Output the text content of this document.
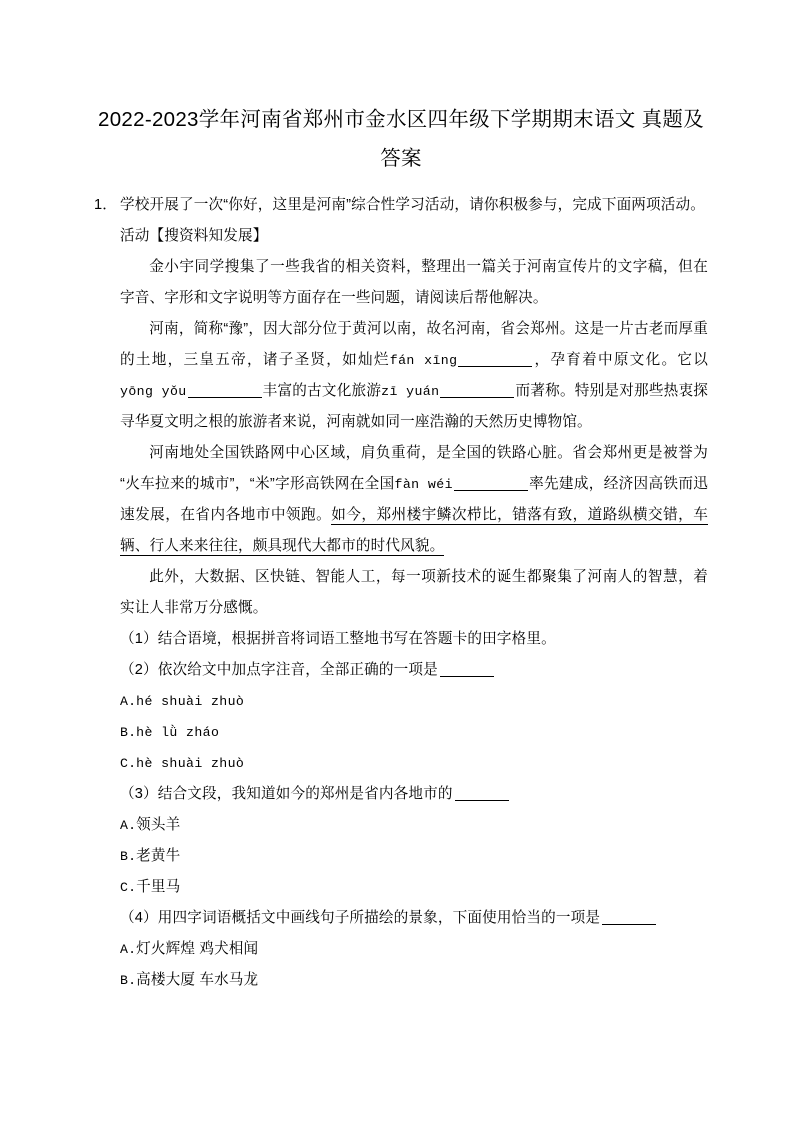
2022-2023学年河南省郑州市金水区四年级下学期期末语文 真题及答案
1． 学校开展了一次“你好，这里是河南”综合性学习活动，请你积极参与，完成下面两项活动。
活动【搜资料知发展】
金小宇同学搜集了一些我省的相关资料，整理出一篇关于河南宣传片的文字稿，但在字音、字形和文字说明等方面存在一些问题，请阅读后帮他解决。
河南，简称“豫”，因大部分位于黄河以南，故名河南，省会郑州。这是一片古老而厚重的土地，三皇五帝，诸子圣贤，如灿烂fán xīng	，孕育着中原文化。它以yōng yǒu	丰富的古文化旅游zī yuán	而著称。特别是对那些热衷探寻华夏文明之根的旅游者来说，河南就如同一座浩瀚的天然历史博物馆。
河南地处全国铁路网中心区域，肩负重荷，是全国的铁路心脏。省会郑州更是被誉为“火车拉来的城市”，“米”字形高铁网在全国fàn wéi	率先建成，经济因高铁而迅速发展，在省内各地市中领跑。如今，郑州楼宇鳞次栉比，错落有致，道路纵横交错，车辆、行人来来往往，颇具现代大都市的时代风貌。
此外，大数据、区快链、智能人工，每一项新技术的诞生都聚集了河南人的智慧，着实让人非常万分感慨。
（1）结合语境，根据拼音将词语工整地书写在答题卡的田字格里。
（2）依次给文中加点字注音，全部正确的一项是
A.hé shuài zhuò
B.hè lǜ zháo
C.hè shuài zhuò
（3）结合文段，我知道如今的郑州是省内各地市的
A.领头羊
B.老黄牛
C.千里马
（4）用四字词语概括文中画线句子所描绘的景象，下面使用恰当的一项是
A.灯火辉煌 鸡犬相闻
B.高楼大厦 车水马龙
